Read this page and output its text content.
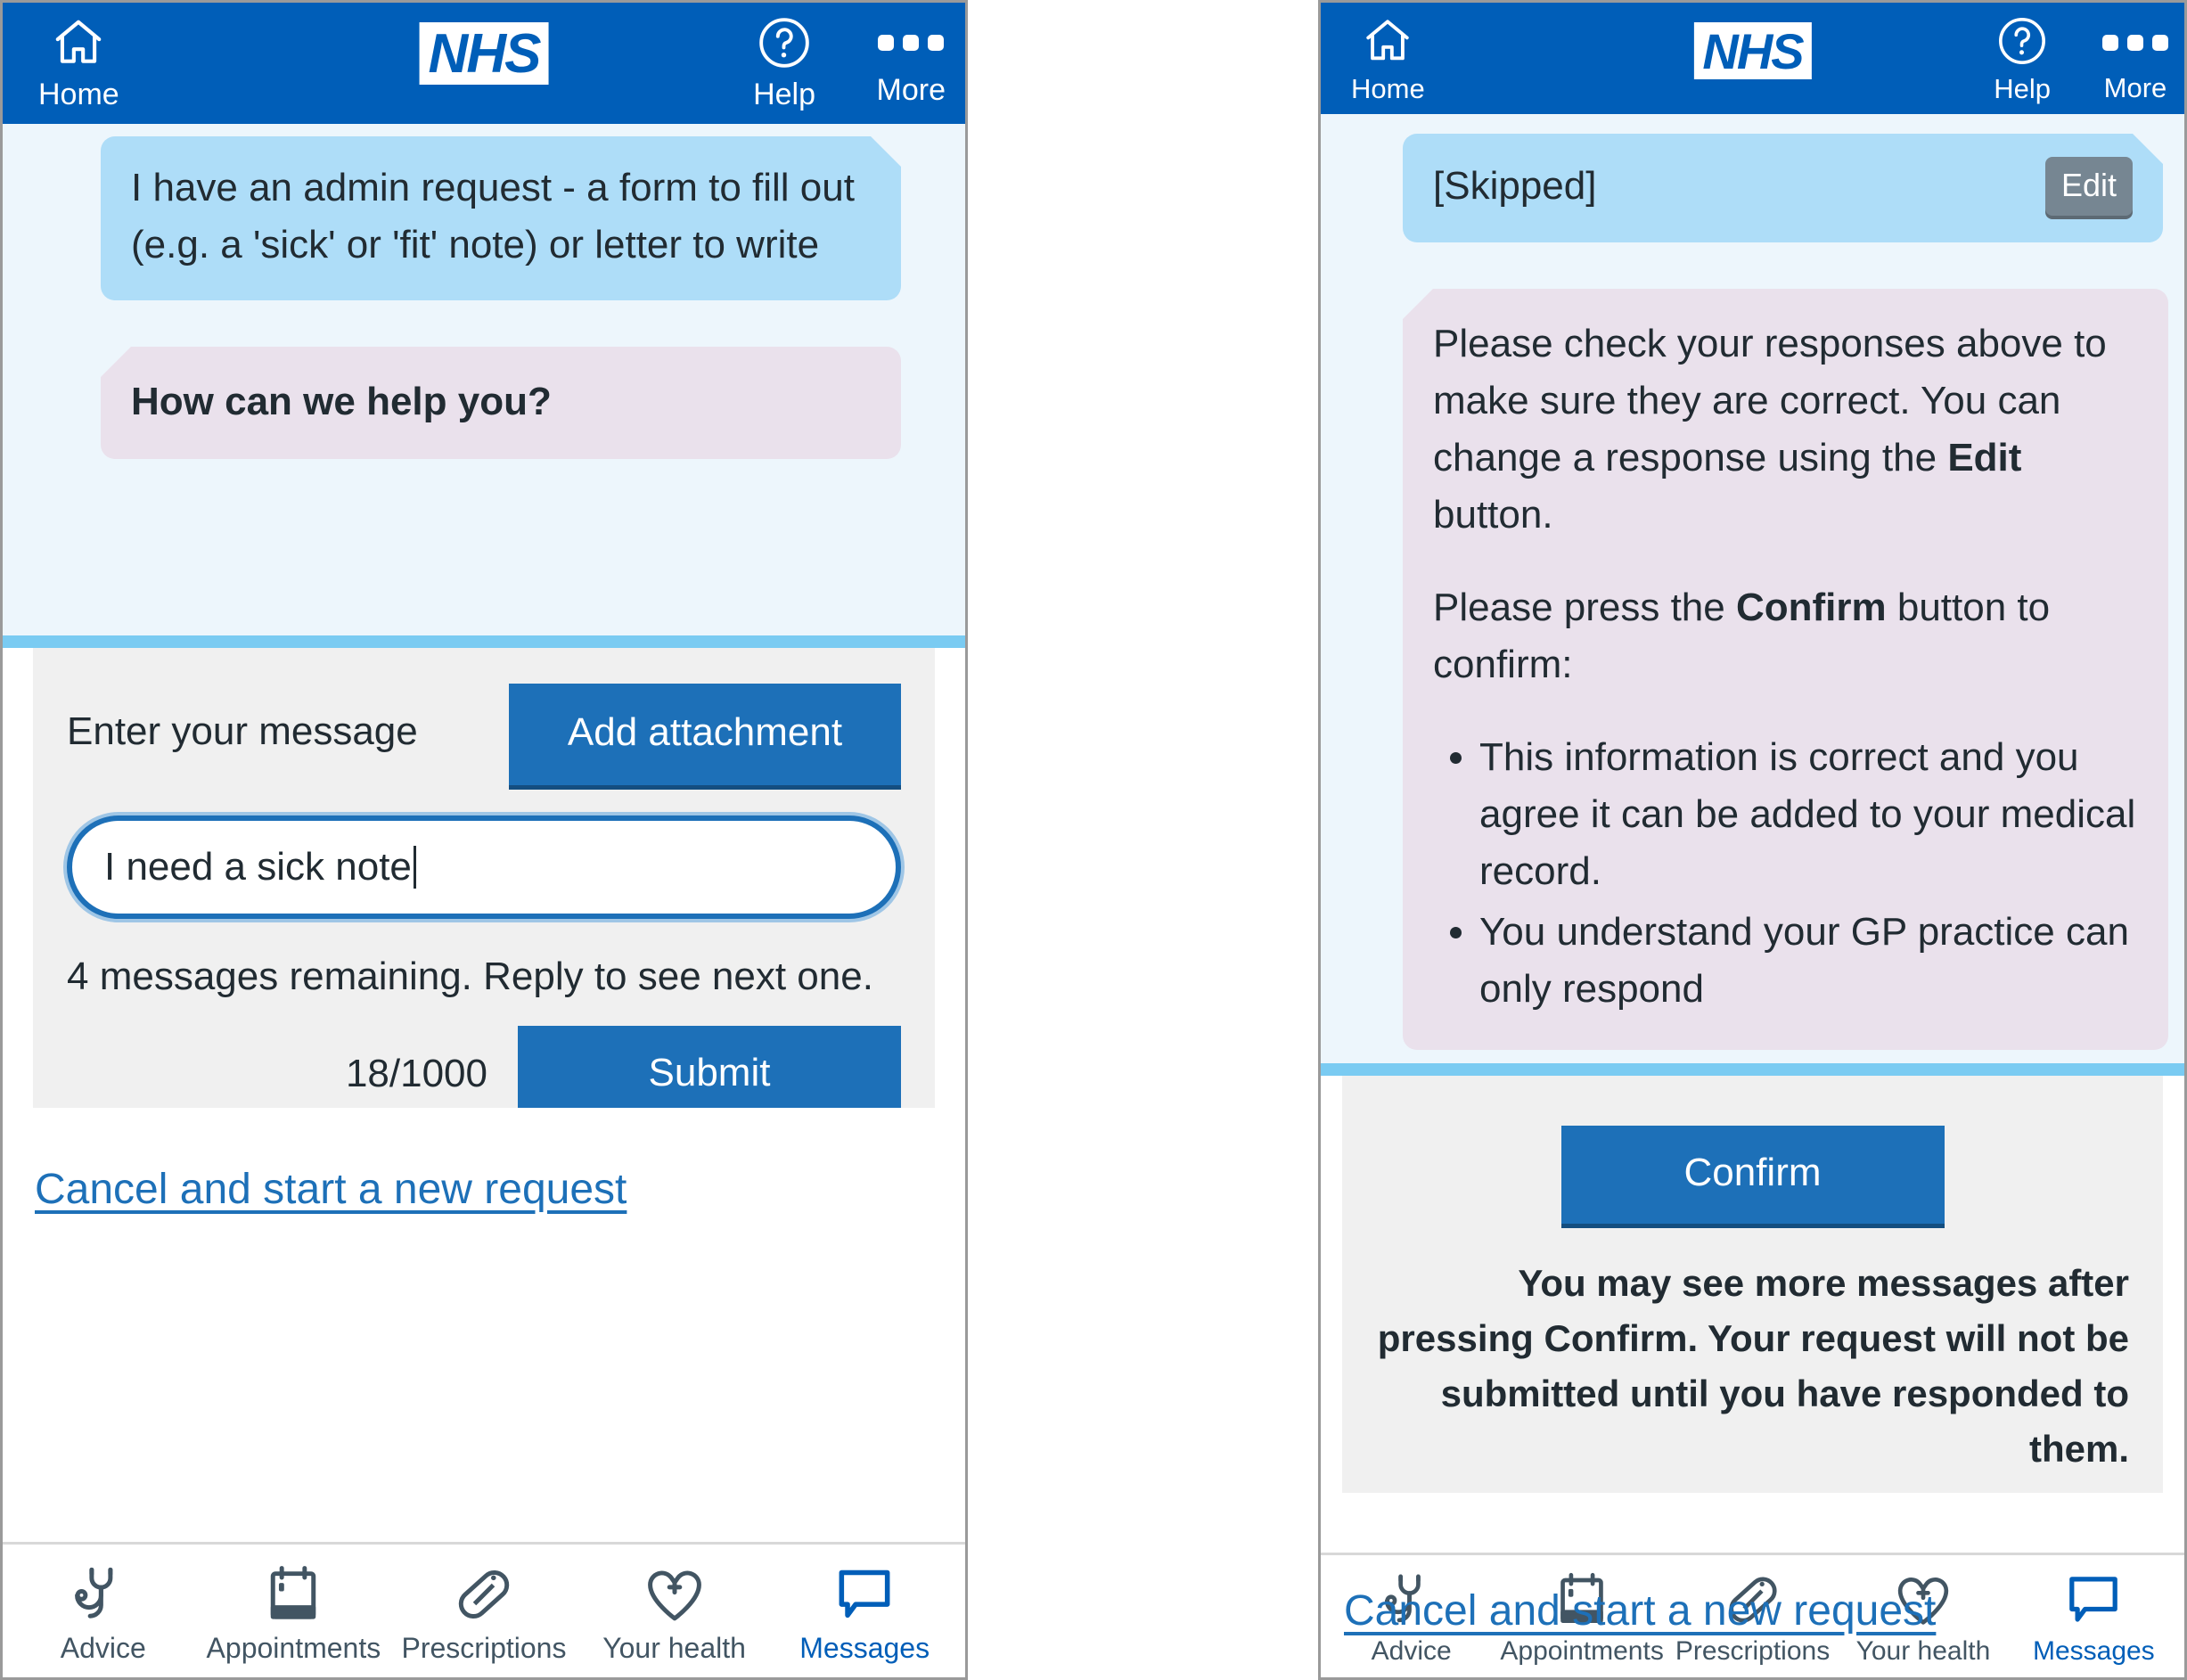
Home
NHS
Help More
I have an admin request - a form to fill out (e.g. a 'sick' or 'fit' note) or letter to write
How can we help you?
Enter your message	Add attachment
I need a sick note
4 messages remaining. Reply to see next one.
18/1000	Submit
Cancel and start a new request
Advice Appointments Prescriptions Your health Messages
Home
NHS
Help More
[Skipped]	Edit

Please check your responses above to make sure they are correct. You can change a response using the Edit button.

Please press the Confirm button to confirm:

• This information is correct and you agree it can be added to your medical record.
• You understand your GP practice can only respond
Confirm
You may see more messages after pressing Confirm. Your request will not be submitted until you have responded to them.
Cancel and start a new request
Advice Appointments Prescriptions Your health Messages
